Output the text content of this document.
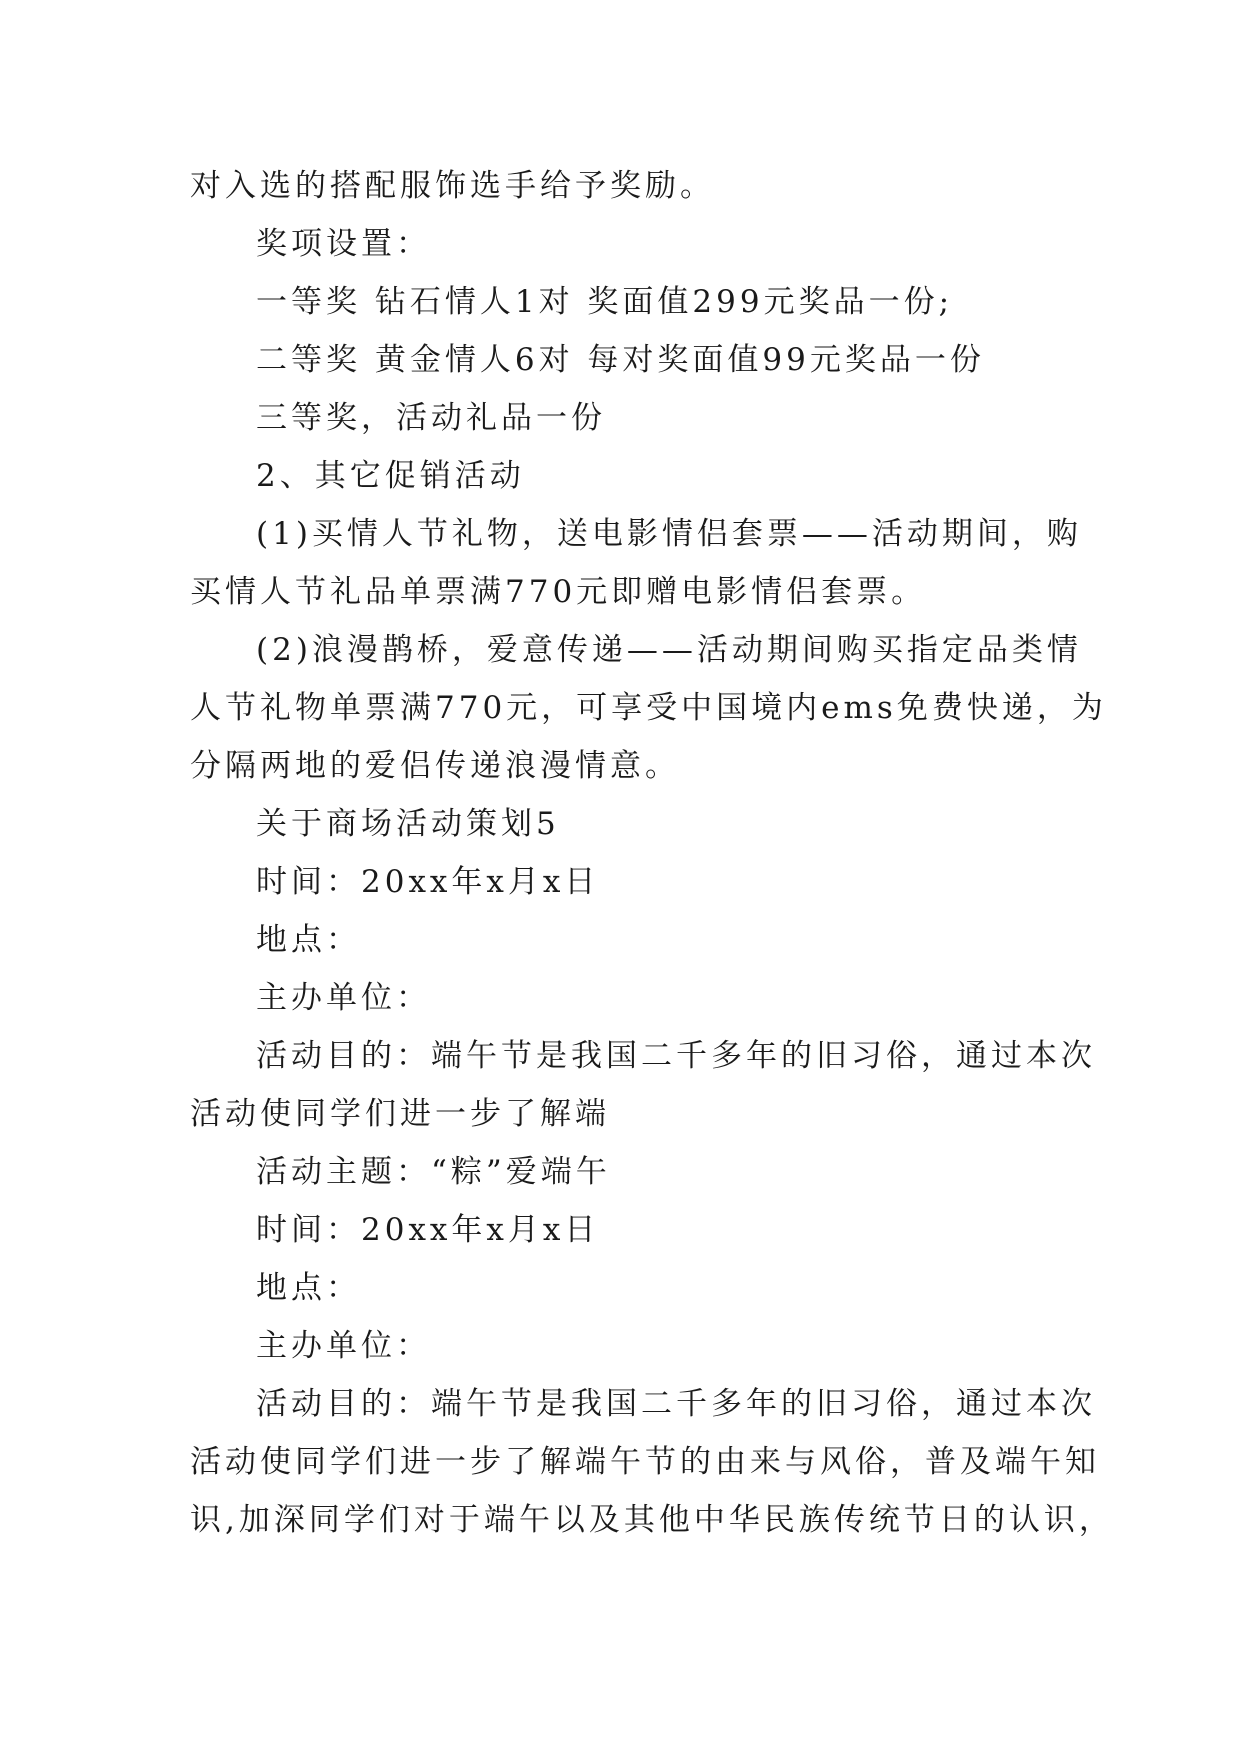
对入选的搭配服饰选手给予奖励。

奖项设置：

一等奖 钻石情人1对 奖面值299元奖品一份;

二等奖 黄金情人6对 每对奖面值99元奖品一份

三等奖，活动礼品一份

2、其它促销活动

(1)买情人节礼物，送电影情侣套票——活动期间，购

买情人节礼品单票满770元即赠电影情侣套票。

(2)浪漫鹊桥，爱意传递——活动期间购买指定品类情

人节礼物单票满770元，可享受中国境内ems免费快递，为

分隔两地的爱侣传递浪漫情意。

关于商场活动策划5

时间：20xx年x月x日

地点：

主办单位：

活动目的：端午节是我国二千多年的旧习俗，通过本次

活动使同学们进一步了解端

活动主题：“粽”爱端午

时间：20xx年x月x日

地点：

主办单位：

活动目的：端午节是我国二千多年的旧习俗，通过本次

活动使同学们进一步了解端午节的由来与风俗，普及端午知

识,加深同学们对于端午以及其他中华民族传统节日的认识，
